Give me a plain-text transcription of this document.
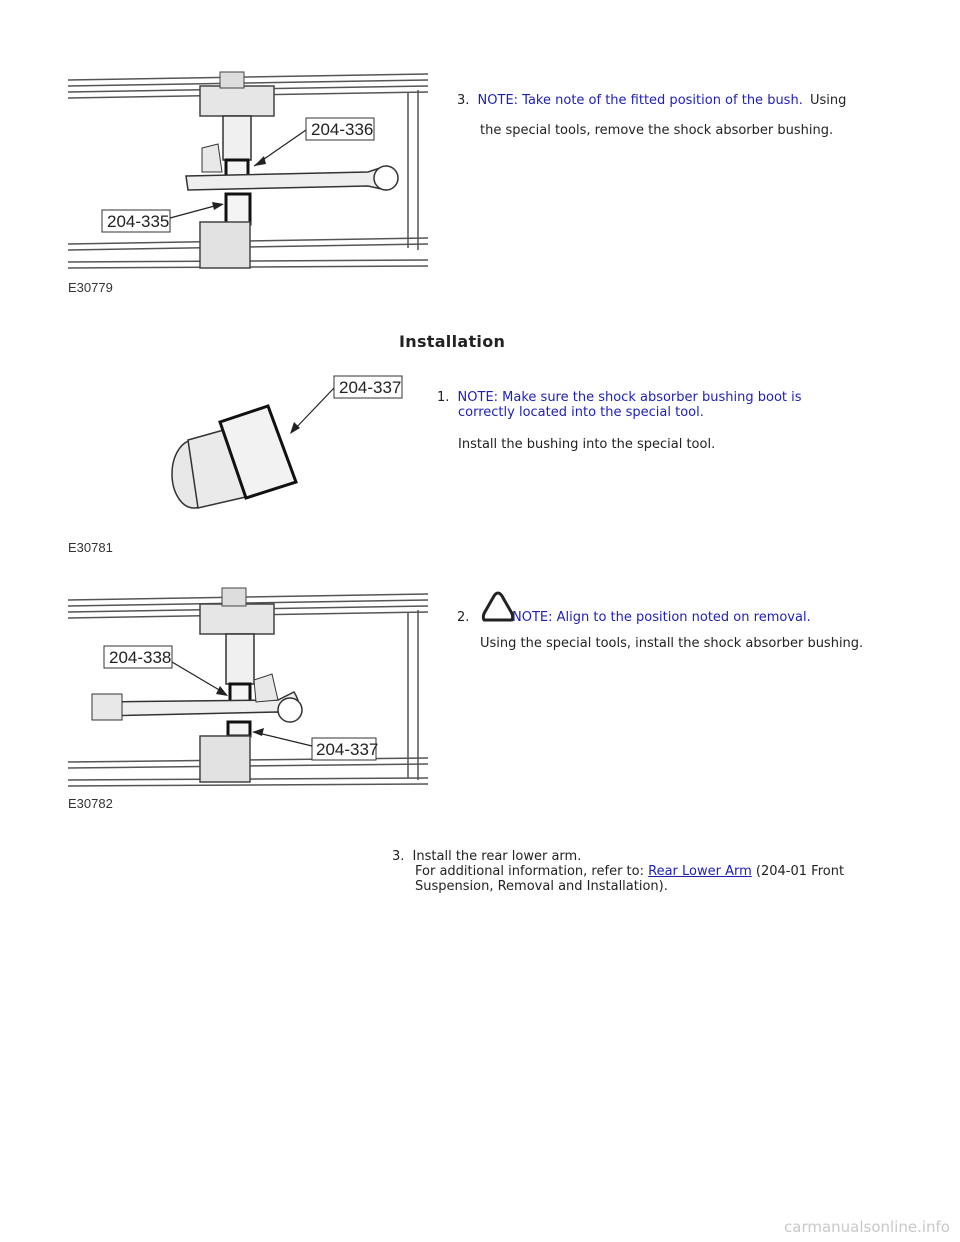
204-336
204-335
E30779
3. NOTE: Take note of the fitted position of the bush. Using
the special tools, remove the shock absorber bushing.
Installation
204-337
E30781
1. NOTE: Make sure the shock absorber bushing boot is
correctly located into the special tool.
Install the bushing into the special tool.
204-338
204-337
E30782
2.	NOTE: Align to the position noted on removal.
Using the special tools, install the shock absorber bushing.
3. Install the rear lower arm.
For additional information, refer to: Rear Lower Arm (204-01 Front
Suspension, Removal and Installation).
carmanualsonline.info
